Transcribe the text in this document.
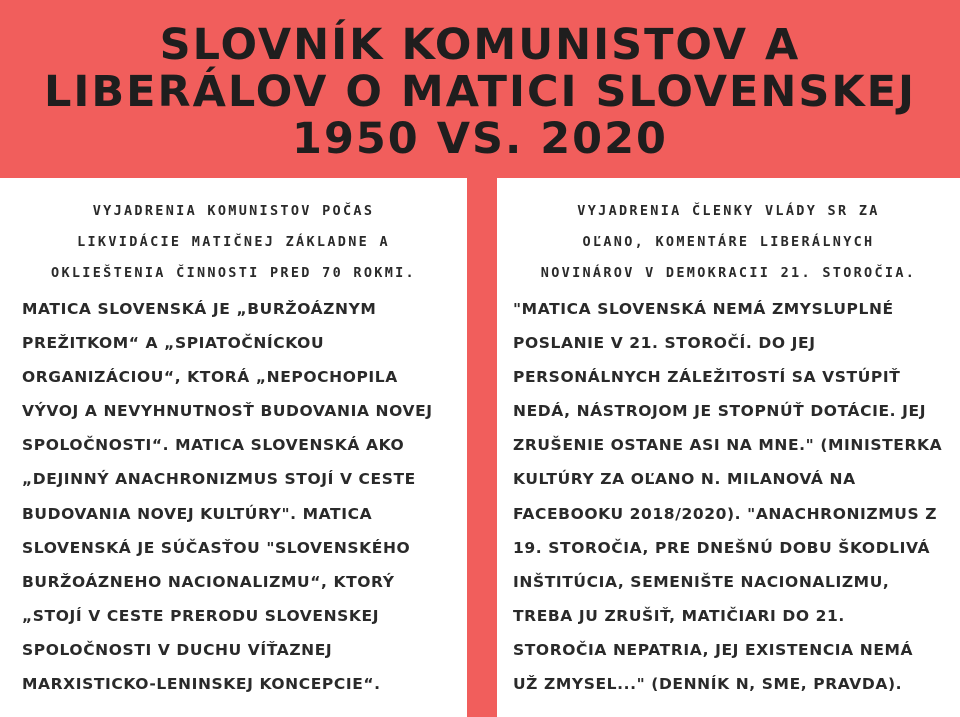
SLOVNÍK KOMUNISTOV A
LIBERÁLOV O MATICI SLOVENSKEJ
1950 VS. 2020
VYJADRENIA KOMUNISTOV POČAS
LIKVIDÁCIE MATIČNEJ ZÁKLADNE A
OKLIEŠTENIA ČINNOSTI PRED 70 ROKMI.
MATICA SLOVENSKÁ JE „BURŽOÁZNYM
PREŽITKOM“ A „SPIATOČNÍCKOU
ORGANIZÁCIOU“, KTORÁ „NEPOCHOPILA
VÝVOJ A NEVYHNUTNOSŤ BUDOVANIA NOVEJ
SPOLOČNOSTI“. MATICA SLOVENSKÁ AKO
„DEJINNÝ ANACHRONIZMUS STOJÍ V CESTE
BUDOVANIA NOVEJ KULTÚRY". MATICA
SLOVENSKÁ JE SÚČASŤOU "SLOVENSKÉHO
BURŽOÁZNEHO NACIONALIZMU“, KTORÝ
„STOJÍ V CESTE PRERODU SLOVENSKEJ
SPOLOČNOSTI V DUCHU VÍŤAZNEJ
MARXISTICKO-LENINSKEJ KONCEPCIE“.
VYJADRENIA ČLENKY VLÁDY SR ZA
OĽANO, KOMENTÁRE LIBERÁLNYCH
NOVINÁROV V DEMOKRACII 21. STOROČIA.
"MATICA SLOVENSKÁ NEMÁ ZMYSLUPLNÉ
POSLANIE V 21. STOROČÍ. DO JEJ
PERSONÁLNYCH ZÁLEŽITOSTÍ SA VSTÚPIŤ
NEDÁ, NÁSTROJOM JE STOPNÚŤ DOTÁCIE. JEJ
ZRUŠENIE OSTANE ASI NA MNE." (MINISTERKA
KULTÚRY ZA OĽANO N. MILANOVÁ NA
FACEBOOKU 2018/2020). "ANACHRONIZMUS Z
19. STOROČIA, PRE DNEŠNÚ DOBU ŠKODLIVÁ
INŠTITÚCIA, SEMENIŠTE NACIONALIZMU,
TREBA JU ZRUŠIŤ, MATIČIARI DO 21.
STOROČIA NEPATRIA, JEJ EXISTENCIA NEMÁ
UŽ ZMYSEL..." (DENNÍK N, SME, PRAVDA).
